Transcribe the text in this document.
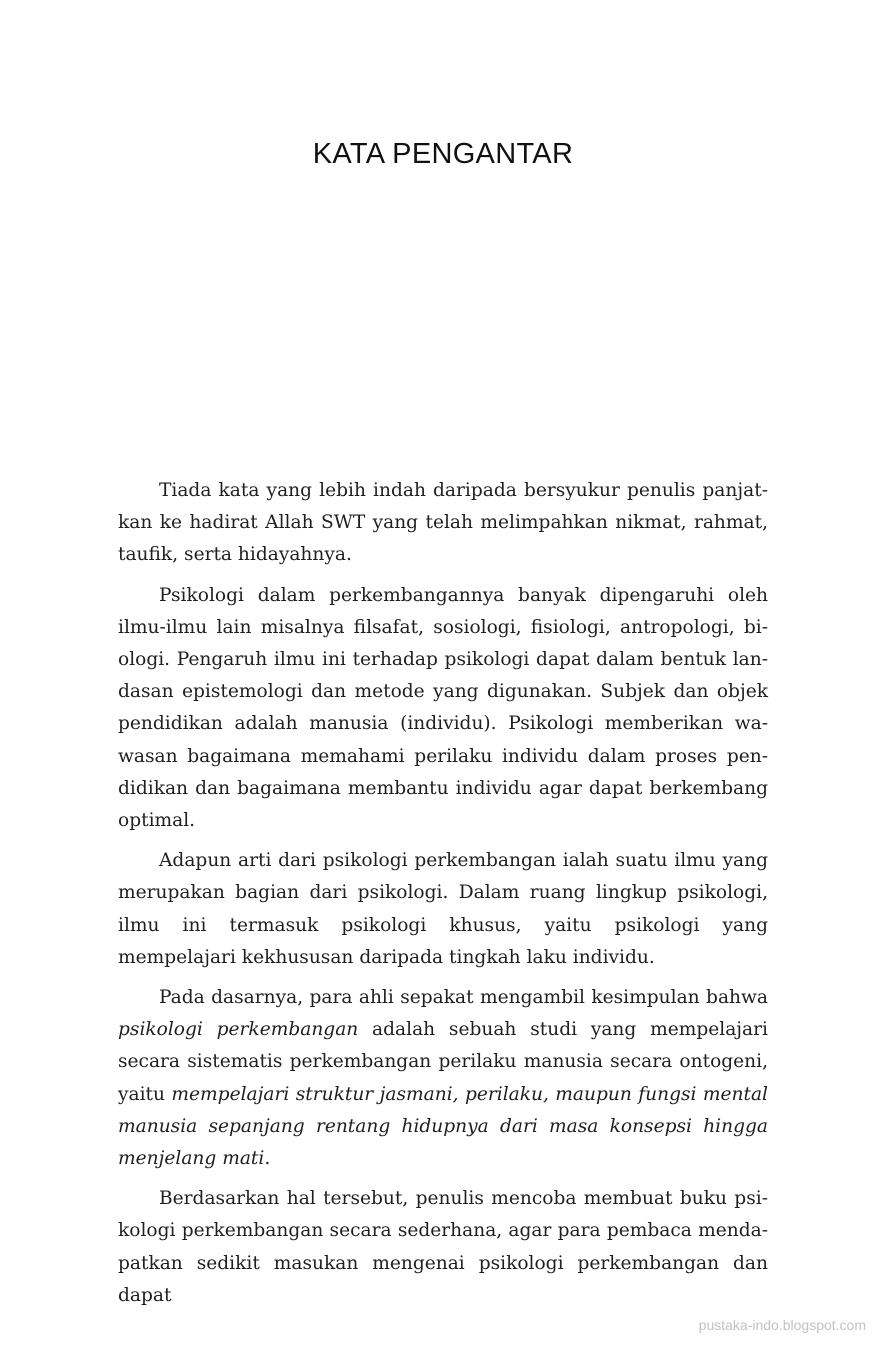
KATA PENGANTAR

Tiada kata yang lebih indah daripada bersyukur penulis panjatkan ke hadirat Allah SWT yang telah melimpahkan nikmat, rahmat, taufik, serta hidayahnya.

Psikologi dalam perkembangannya banyak dipengaruhi oleh ilmu-ilmu lain misalnya filsafat, sosiologi, fisiologi, antropologi, biologi. Pengaruh ilmu ini terhadap psikologi dapat dalam bentuk landasan epistemologi dan metode yang digunakan. Subjek dan objek pendidikan adalah manusia (individu). Psikologi memberikan wawasan bagaimana memahami perilaku individu dalam proses pendidikan dan bagaimana membantu individu agar dapat berkembang optimal.

Adapun arti dari psikologi perkembangan ialah suatu ilmu yang merupakan bagian dari psikologi. Dalam ruang lingkup psikologi, ilmu ini termasuk psikologi khusus, yaitu psikologi yang mempelajari kekhususan daripada tingkah laku individu.

Pada dasarnya, para ahli sepakat mengambil kesimpulan bahwa psikologi perkembangan adalah sebuah studi yang mempelajari secara sistematis perkembangan perilaku manusia secara ontogeni, yaitu mempelajari struktur jasmani, perilaku, maupun fungsi mental manusia sepanjang rentang hidupnya dari masa konsepsi hingga menjelang mati.

Berdasarkan hal tersebut, penulis mencoba membuat buku psikologi perkembangan secara sederhana, agar para pembaca mendapatkan sedikit masukan mengenai psikologi perkembangan dan dapat

pustaka-indo.blogspot.com
